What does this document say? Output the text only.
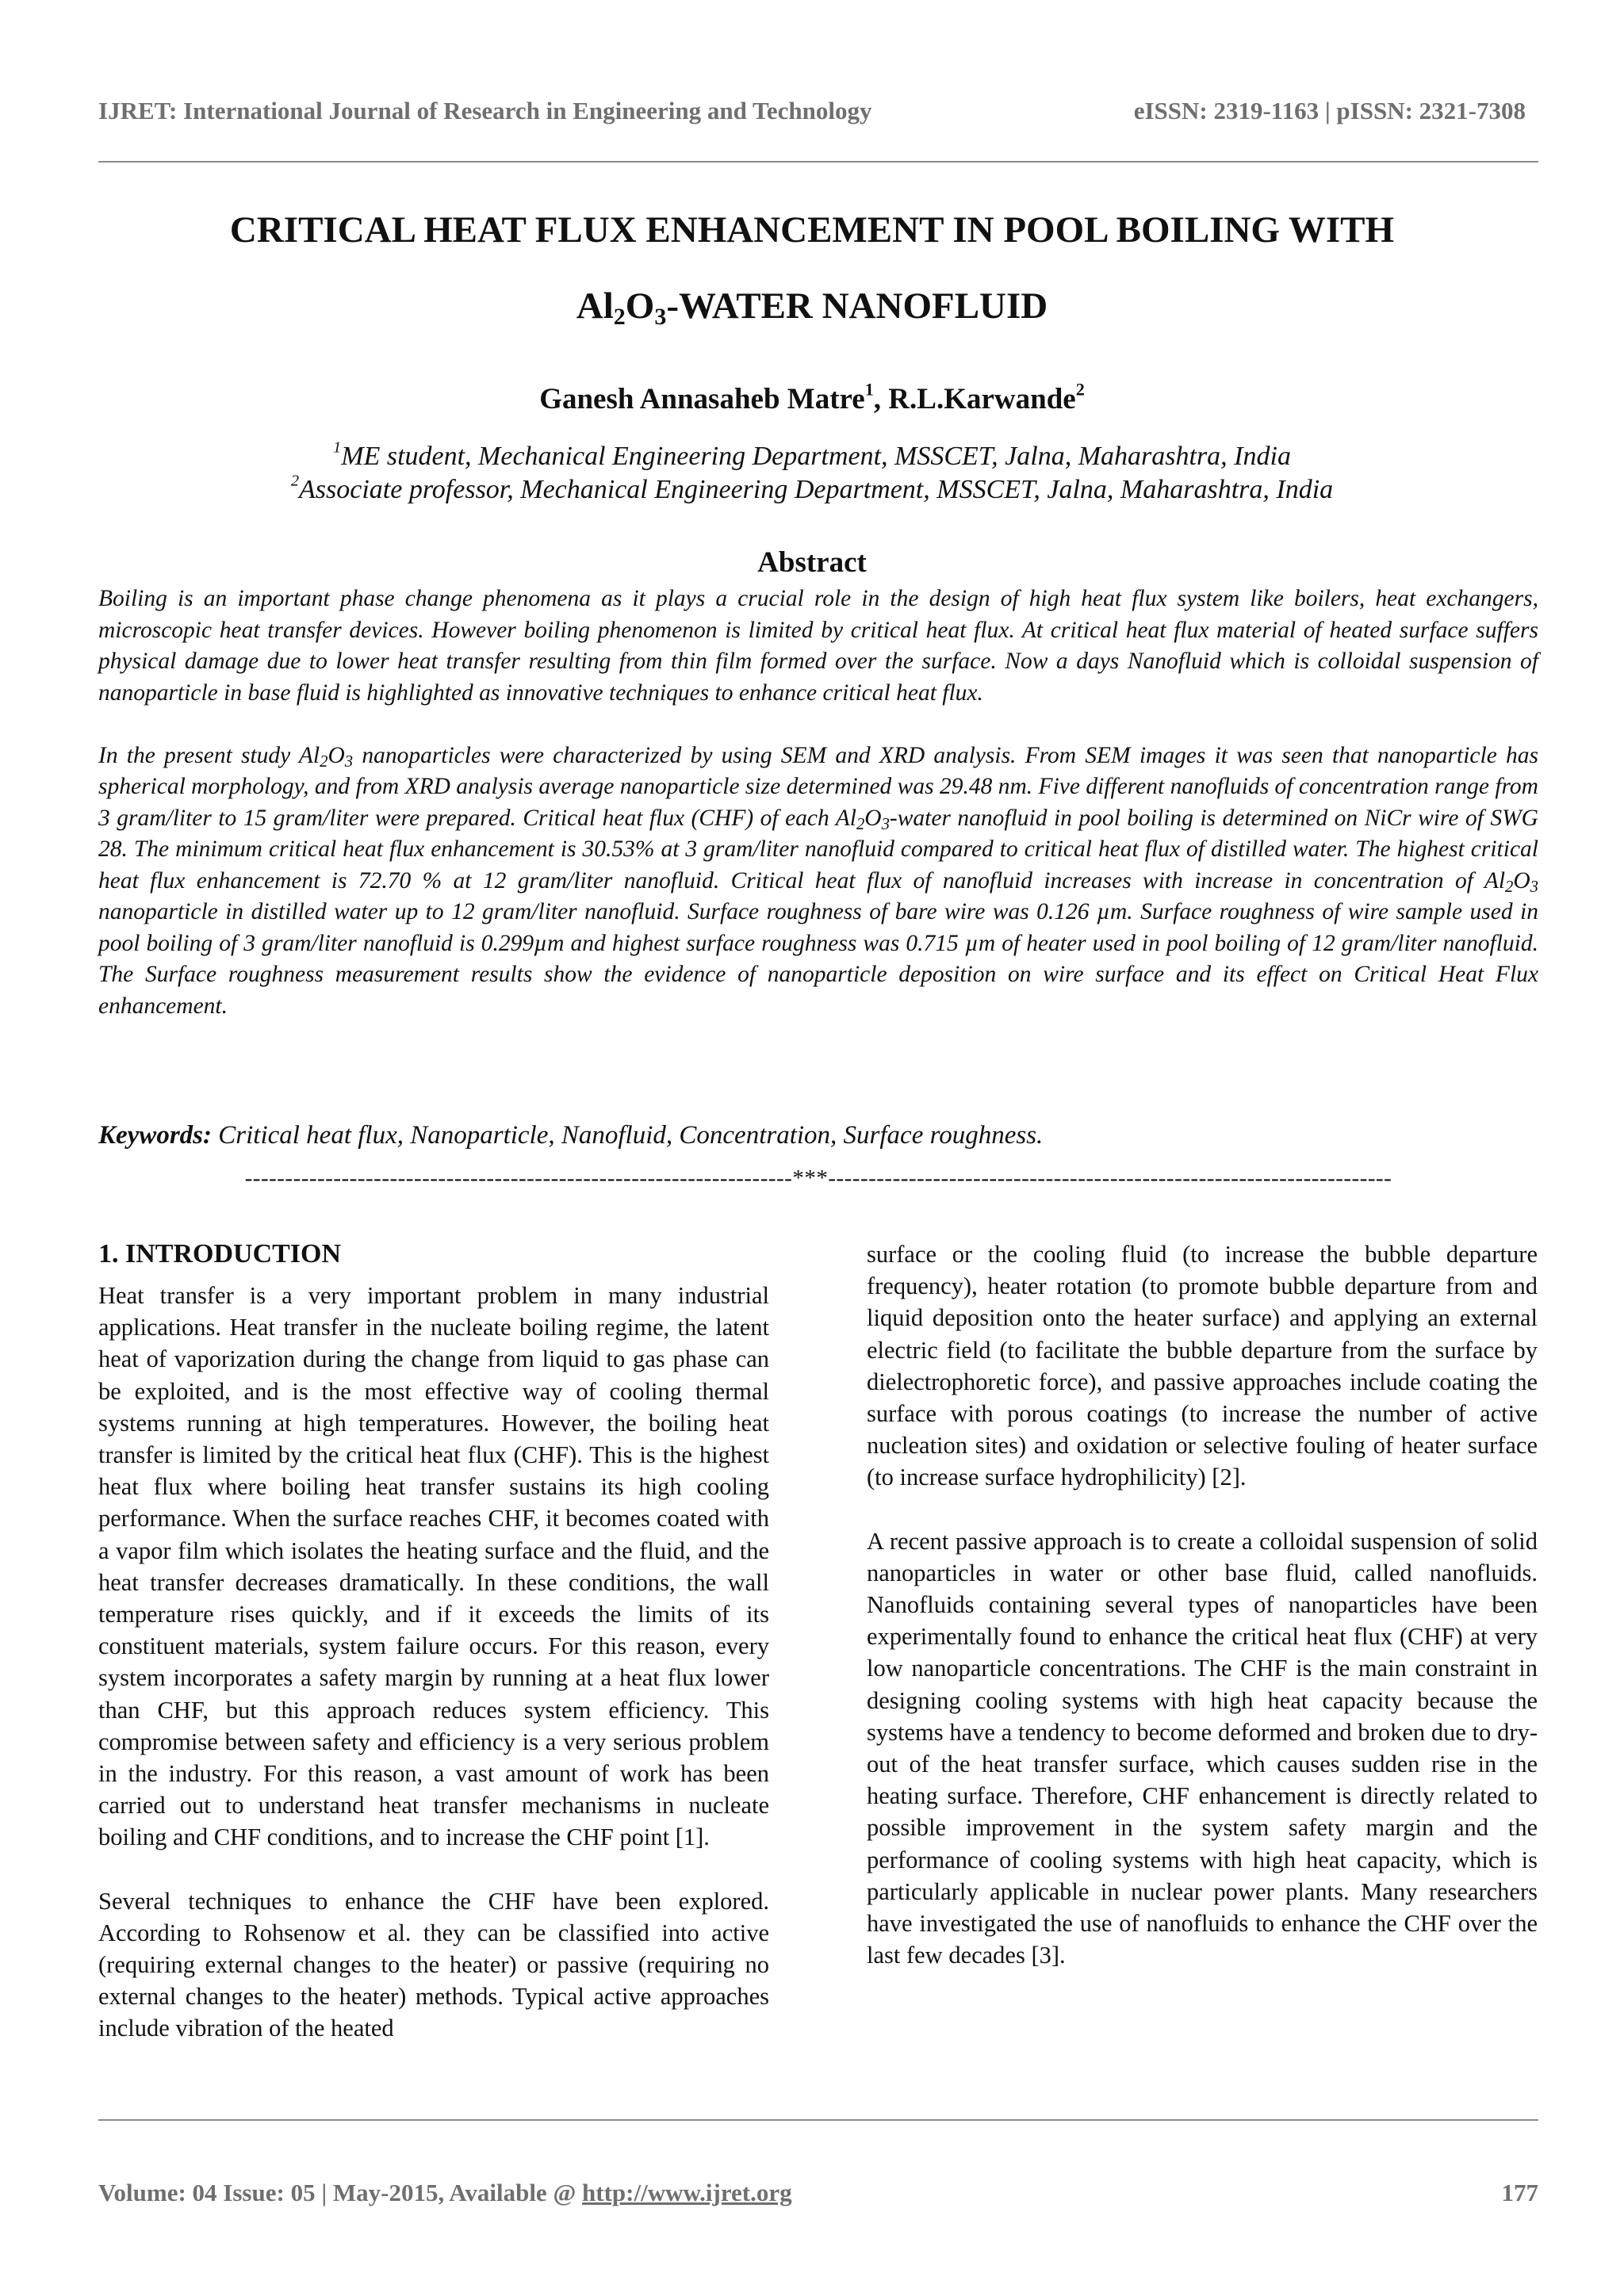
IJRET: International Journal of Research in Engineering and Technology	eISSN: 2319-1163 | pISSN: 2321-7308
CRITICAL HEAT FLUX ENHANCEMENT IN POOL BOILING WITH
$Al_2O_3$-WATER NANOFLUID
Ganesh Annasaheb Matre$^1$, R.L.Karwande$^2$
$^1$ME student, Mechanical Engineering Department, MSSCET, Jalna, Maharashtra, India
$^2$Associate professor, Mechanical Engineering Department, MSSCET, Jalna, Maharashtra, India
Abstract

Boiling is an important phase change phenomena as it plays a crucial role in the design of high heat flux system like boilers, heat exchangers, microscopic heat transfer devices. However boiling phenomenon is limited by critical heat flux. At critical heat flux material of heated surface suffers physical damage due to lower heat transfer resulting from thin film formed over the surface. Now a days Nanofluid which is colloidal suspension of nanoparticle in base fluid is highlighted as innovative techniques to enhance critical heat flux.

In the present study $Al_2O_3$ nanoparticles were characterized by using SEM and XRD analysis. From SEM images it was seen that nanoparticle has spherical morphology, and from XRD analysis average nanoparticle size determined was 29.48 nm. Five different nanofluids of concentration range from 3 gram/liter to 15 gram/liter were prepared. Critical heat flux (CHF) of each $Al_2O_3$-water nanofluid in pool boiling is determined on NiCr wire of SWG 28. The minimum critical heat flux enhancement is 30.53% at 3 gram/liter nanofluid compared to critical heat flux of distilled water. The highest critical heat flux enhancement is 72.70 % at 12 gram/liter nanofluid. Critical heat flux of nanofluid increases with increase in concentration of $Al_2O_3$ nanoparticle in distilled water up to 12 gram/liter nanofluid. Surface roughness of bare wire was 0.126 µm. Surface roughness of wire sample used in pool boiling of 3 gram/liter nanofluid is 0.299µm and highest surface roughness was 0.715 µm of heater used in pool boiling of 12 gram/liter nanofluid. The Surface roughness measurement results show the evidence of nanoparticle deposition on wire surface and its effect on Critical Heat Flux enhancement.

Keywords: Critical heat flux, Nanoparticle, Nanofluid, Concentration, Surface roughness.
--------------------------------------------------------------------***----------------------------------------------------------------------
1. INTRODUCTION

Heat transfer is a very important problem in many industrial applications. Heat transfer in the nucleate boiling regime, the latent heat of vaporization during the change from liquid to gas phase can be exploited, and is the most effective way of cooling thermal systems running at high temperatures. However, the boiling heat transfer is limited by the critical heat flux (CHF). This is the highest heat flux where boiling heat transfer sustains its high cooling performance. When the surface reaches CHF, it becomes coated with a vapor film which isolates the heating surface and the fluid, and the heat transfer decreases dramatically. In these conditions, the wall temperature rises quickly, and if it exceeds the limits of its constituent materials, system failure occurs. For this reason, every system incorporates a safety margin by running at a heat flux lower than CHF, but this approach reduces system efficiency. This compromise between safety and efficiency is a very serious problem in the industry. For this reason, a vast amount of work has been carried out to understand heat transfer mechanisms in nucleate boiling and CHF conditions, and to increase the CHF point [1].

Several techniques to enhance the CHF have been explored. According to Rohsenow et al. they can be classified into active (requiring external changes to the heater) or passive (requiring no external changes to the heater) methods. Typical active approaches include vibration of the heated

surface or the cooling fluid (to increase the bubble departure frequency), heater rotation (to promote bubble departure from and liquid deposition onto the heater surface) and applying an external electric field (to facilitate the bubble departure from the surface by dielectrophoretic force), and passive approaches include coating the surface with porous coatings (to increase the number of active nucleation sites) and oxidation or selective fouling of heater surface (to increase surface hydrophilicity) [2].

A recent passive approach is to create a colloidal suspension of solid nanoparticles in water or other base fluid, called nanofluids. Nanofluids containing several types of nanoparticles have been experimentally found to enhance the critical heat flux (CHF) at very low nanoparticle concentrations. The CHF is the main constraint in designing cooling systems with high heat capacity because the systems have a tendency to become deformed and broken due to dry-out of the heat transfer surface, which causes sudden rise in the heating surface. Therefore, CHF enhancement is directly related to possible improvement in the system safety margin and the performance of cooling systems with high heat capacity, which is particularly applicable in nuclear power plants. Many researchers have investigated the use of nanofluids to enhance the CHF over the last few decades [3].

Volume: 04 Issue: 05 | May-2015, Available @ http://www.ijret.org	177
